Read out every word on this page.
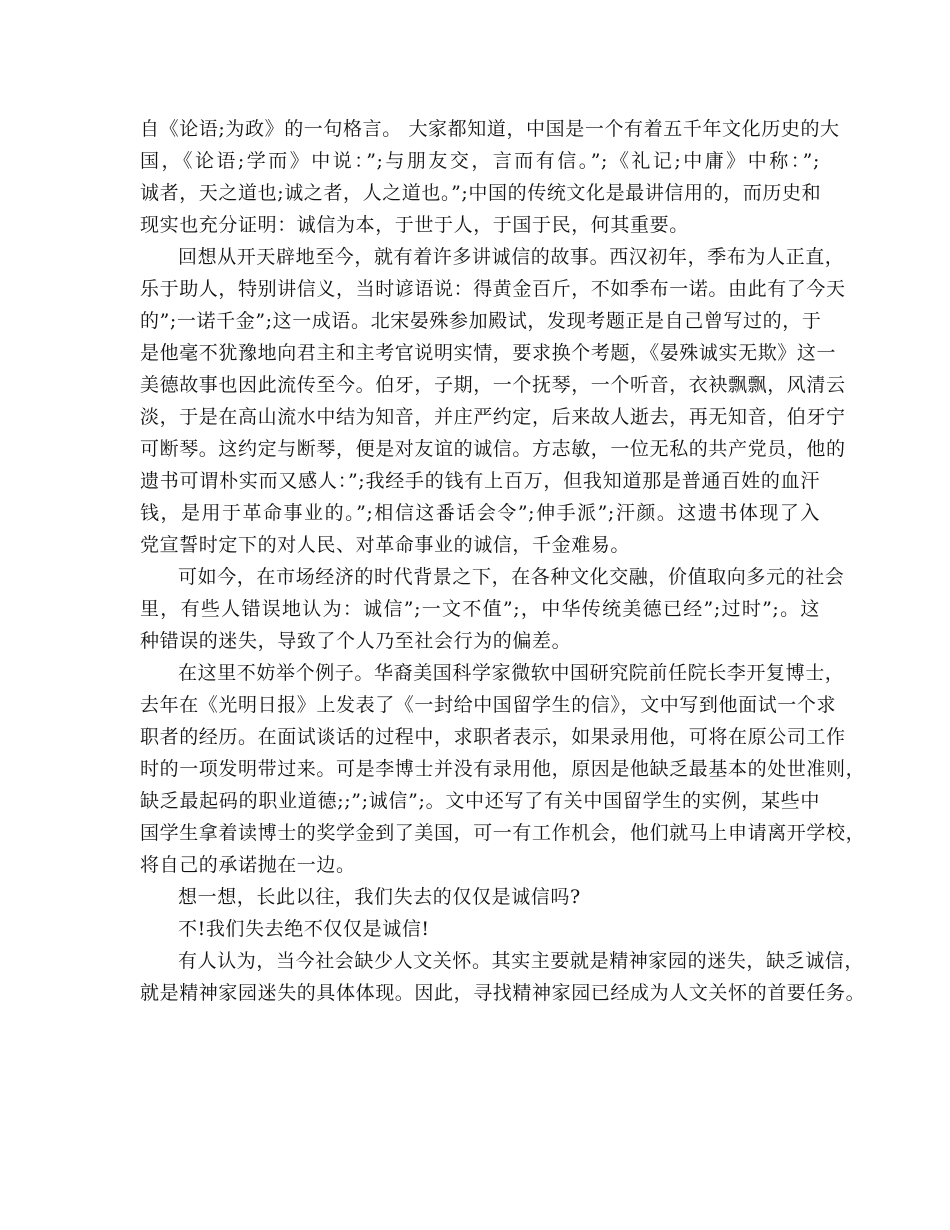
自《论语;为政》的一句格言。 大家都知道，中国是一个有着五千年文化历史的大
国，《论语;学而》中说：”;与朋友交，言而有信。”;《礼记;中庸》中称：”;
诚者，天之道也;诚之者，人之道也。”;中国的传统文化是最讲信用的，而历史和
现实也充分证明：诚信为本，于世于人，于国于民，何其重要。
回想从开天辟地至今，就有着许多讲诚信的故事。西汉初年，季布为人正直，
乐于助人，特别讲信义，当时谚语说：得黄金百斤，不如季布一诺。由此有了今天
的”;一诺千金”;这一成语。北宋晏殊参加殿试，发现考题正是自己曾写过的，于
是他毫不犹豫地向君主和主考官说明实情，要求换个考题，《晏殊诚实无欺》这一
美德故事也因此流传至今。伯牙，子期，一个抚琴，一个听音，衣袂飘飘，风清云
淡，于是在高山流水中结为知音，并庄严约定，后来故人逝去，再无知音，伯牙宁
可断琴。这约定与断琴，便是对友谊的诚信。方志敏，一位无私的共产党员，他的
遗书可谓朴实而又感人：”;我经手的钱有上百万，但我知道那是普通百姓的血汗
钱，是用于革命事业的。”;相信这番话会令”;伸手派”;汗颜。这遗书体现了入
党宣誓时定下的对人民、对革命事业的诚信，千金难易。
可如今，在市场经济的时代背景之下，在各种文化交融，价值取向多元的社会
里，有些人错误地认为：诚信”;一文不值”;，中华传统美德已经”;过时”;。这
种错误的迷失，导致了个人乃至社会行为的偏差。
在这里不妨举个例子。华裔美国科学家微软中国研究院前任院长李开复博士，
去年在《光明日报》上发表了《一封给中国留学生的信》，文中写到他面试一个求
职者的经历。在面试谈话的过程中，求职者表示，如果录用他，可将在原公司工作
时的一项发明带过来。可是李博士并没有录用他，原因是他缺乏最基本的处世准则，
缺乏最起码的职业道德;;”;诚信”;。文中还写了有关中国留学生的实例，某些中
国学生拿着读博士的奖学金到了美国，可一有工作机会，他们就马上申请离开学校，
将自己的承诺抛在一边。
想一想，长此以往，我们失去的仅仅是诚信吗?
不!我们失去绝不仅仅是诚信!
有人认为，当今社会缺少人文关怀。其实主要就是精神家园的迷失，缺乏诚信，
就是精神家园迷失的具体体现。因此，寻找精神家园已经成为人文关怀的首要任务。
